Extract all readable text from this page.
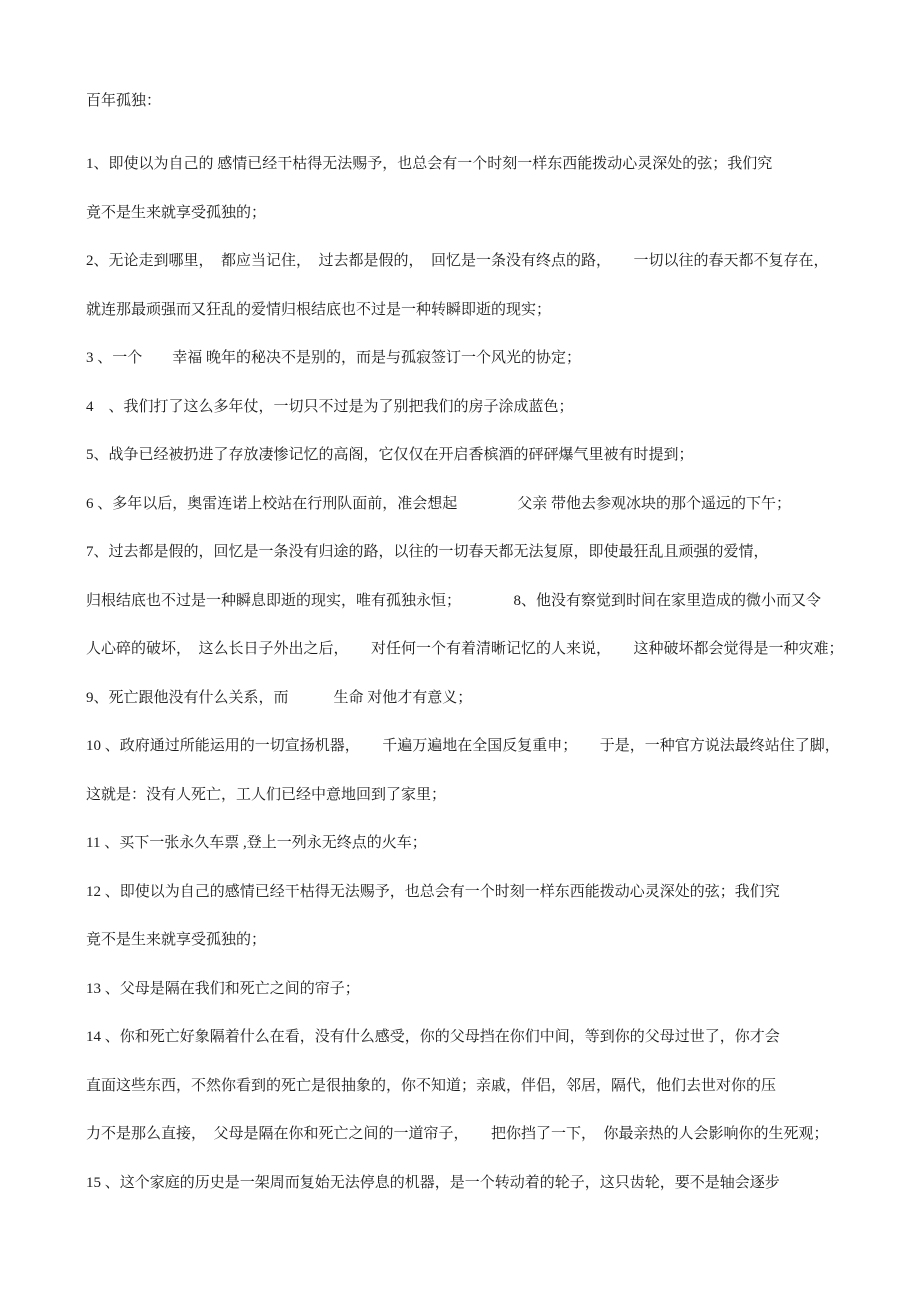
百年孤独：
1、即使以为自己的 感情已经干枯得无法赐予，也总会有一个时刻一样东西能拨动心灵深处的弦；我们究
竟不是生来就享受孤独的；
2、无论走到哪里，　都应当记住，　过去都是假的，　回忆是一条没有终点的路，　　一切以往的春天都不复存在，
就连那最顽强而又狂乱的爱情归根结底也不过是一种转瞬即逝的现实；
3 、一个　　幸福 晚年的秘决不是别的，而是与孤寂签订一个风光的协定；
4　、我们打了这么多年仗，一切只不过是为了别把我们的房子涂成蓝色；
5、战争已经被扔进了存放凄惨记忆的高阁，它仅仅在开启香槟酒的砰砰爆气里被有时提到；
6 、多年以后，奥雷连诺上校站在行刑队面前，准会想起　　　　父亲 带他去参观冰块的那个遥远的下午；
7、过去都是假的，回忆是一条没有归途的路，以往的一切春天都无法复原，即使最狂乱且顽强的爱情，
归根结底也不过是一种瞬息即逝的现实，唯有孤独永恒；　　　　8、他没有察觉到时间在家里造成的微小而又令
人心碎的破坏，　这么长日子外出之后，　　对任何一个有着清晰记忆的人来说，　　这种破坏都会觉得是一种灾难；
9、死亡跟他没有什么关系，而　　　生命 对他才有意义；
10 、政府通过所能运用的一切宣扬机器，　　千遍万遍地在全国反复重申；　　于是，一种官方说法最终站住了脚，
这就是：没有人死亡，工人们已经中意地回到了家里；
11 、买下一张永久车票 ,登上一列永无终点的火车；
12 、即使以为自己的感情已经干枯得无法赐予，也总会有一个时刻一样东西能拨动心灵深处的弦；我们究
竟不是生来就享受孤独的；
13 、父母是隔在我们和死亡之间的帘子；
14 、你和死亡好象隔着什么在看，没有什么感受，你的父母挡在你们中间，等到你的父母过世了，你才会
直面这些东西，不然你看到的死亡是很抽象的，你不知道；亲戚，伴侣，邻居，隔代，他们去世对你的压
力不是那么直接，　父母是隔在你和死亡之间的一道帘子，　　把你挡了一下，　你最亲热的人会影响你的生死观；
15 、这个家庭的历史是一架周而复始无法停息的机器，是一个转动着的轮子，这只齿轮，要不是轴会逐步
